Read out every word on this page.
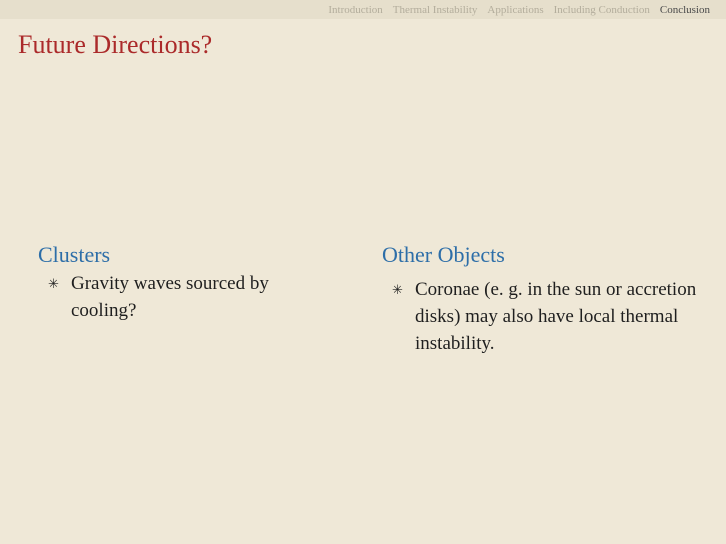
Introduction Thermal Instability Applications Including Conduction Conclusion
Future Directions?
Clusters
✳ Gravity waves sourced by cooling?
Other Objects
✳ Coronae (e. g. in the sun or accretion disks) may also have local thermal instability.
